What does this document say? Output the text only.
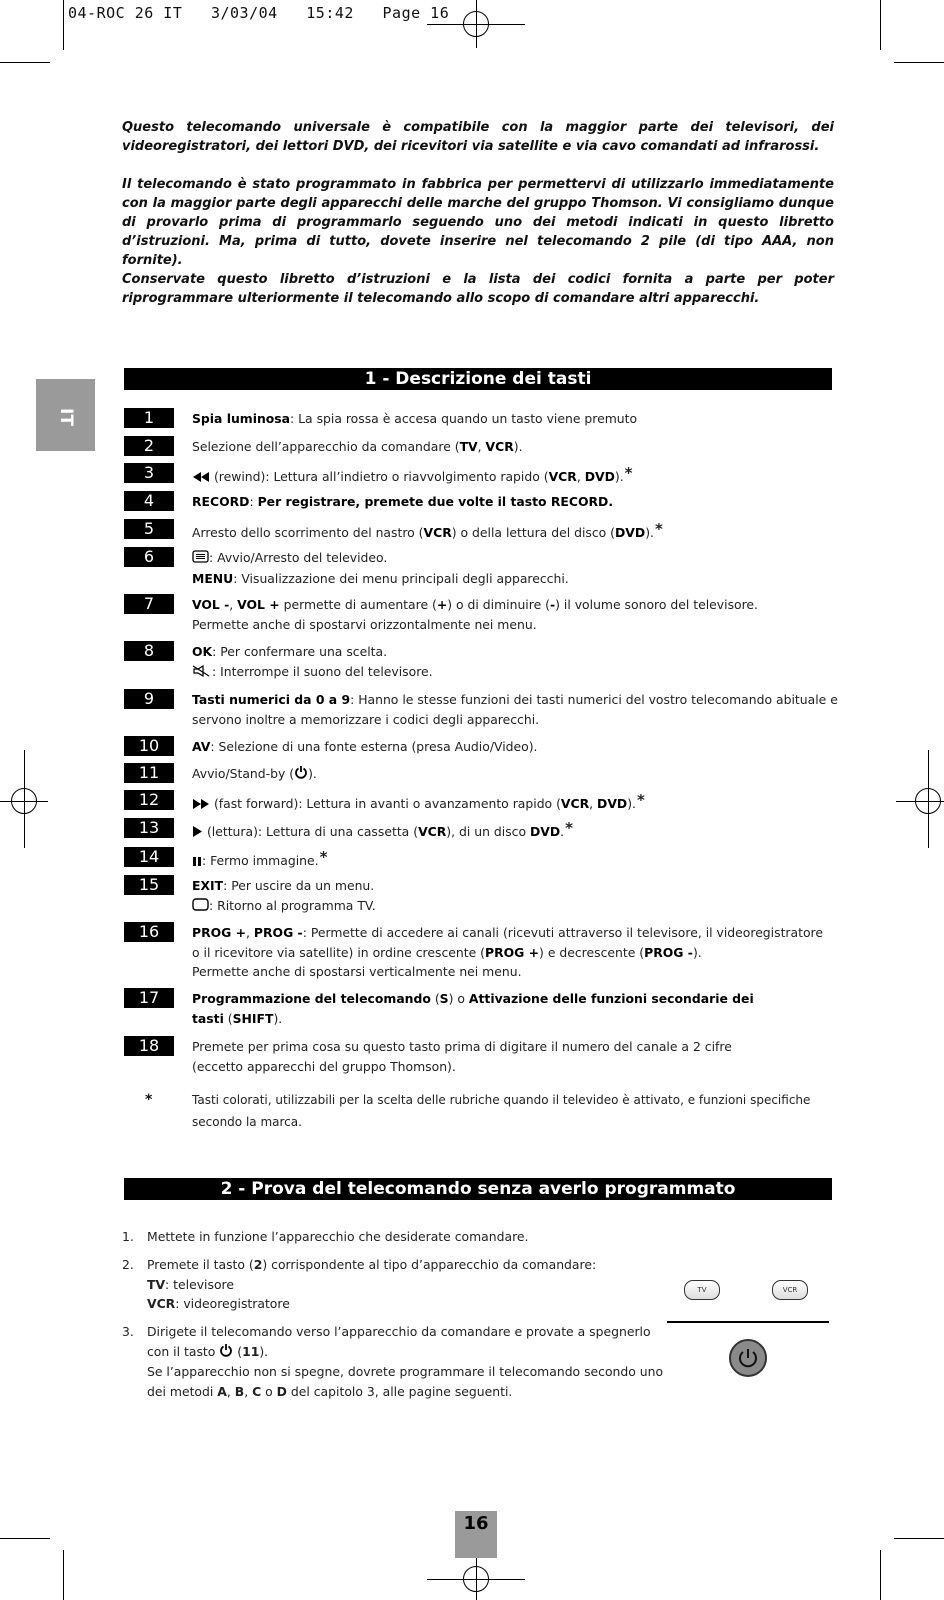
04-ROC 26 IT   3/03/04   15:42   Page 16
IT
Questo telecomando universale è compatibile con la maggior parte dei televisori, dei videoregistratori, dei lettori DVD, dei ricevitori via satellite e via cavo comandati ad infrarossi.
Il telecomando è stato programmato in fabbrica per permettervi di utilizzarlo immediatamente con la maggior parte degli apparecchi delle marche del gruppo Thomson. Vi consigliamo dunque di provarlo prima di programmarlo seguendo uno dei metodi indicati in questo libretto d’istruzioni. Ma, prima di tutto, dovete inserire nel telecomando 2 pile (di tipo AAA, non fornite).
Conservate questo libretto d’istruzioni e la lista dei codici fornita a parte per poter riprogrammare ulteriormente il telecomando allo scopo di comandare altri apparecchi.
1 - Descrizione dei tasti
1	Spia luminosa: La spia rossa è accesa quando un tasto viene premuto
2	Selezione dell’apparecchio da comandare (TV, VCR).
3	(rewind): Lettura all’indietro o riavvolgimento rapido (VCR, DVD).*
4	RECORD: Per registrare, premete due volte il tasto RECORD.
5	Arresto dello scorrimento del nastro (VCR) o della lettura del disco (DVD).*
6	: Avvio/Arresto del televideo.
MENU: Visualizzazione dei menu principali degli apparecchi.
7	VOL -, VOL + permette di aumentare (+) o di diminuire (-) il volume sonoro del televisore.
Permette anche di spostarvi orizzontalmente nei menu.
8	OK: Per confermare una scelta.
: Interrompe il suono del televisore.
9	Tasti numerici da 0 a 9: Hanno le stesse funzioni dei tasti numerici del vostro telecomando abituale e
servono inoltre a memorizzare i codici degli apparecchi.
10	AV: Selezione di una fonte esterna (presa Audio/Video).
11	Avvio/Stand-by ( ).
12	(fast forward): Lettura in avanti o avanzamento rapido (VCR, DVD).*
13	(lettura): Lettura di una cassetta (VCR), di un disco DVD.*
14	: Fermo immagine.*
15	EXIT: Per uscire da un menu.
: Ritorno al programma TV.
16	PROG +, PROG -: Permette di accedere ai canali (ricevuti attraverso il televisore, il videoregistratore
o il ricevitore via satellite) in ordine crescente (PROG +) e decrescente (PROG -).
Permette anche di spostarsi verticalmente nei menu.
17	Programmazione del telecomando (S) o Attivazione delle funzioni secondarie dei
tasti (SHIFT).
18	Premete per prima cosa su questo tasto prima di digitare il numero del canale a 2 cifre
(eccetto apparecchi del gruppo Thomson).
*	Tasti colorati, utilizzabili per la scelta delle rubriche quando il televideo è attivato, e funzioni specifiche
secondo la marca.
2 - Prova del telecomando senza averlo programmato
1. Mettete in funzione l’apparecchio che desiderate comandare.
2. Premete il tasto (2) corrispondente al tipo d’apparecchio da comandare:
TV: televisore
VCR: videoregistratore
3. Dirigete il telecomando verso l’apparecchio da comandare e provate a spegnerlo
con il tasto  (11).
Se l’apparecchio non si spegne, dovrete programmare il telecomando secondo uno
dei metodi A, B, C o D del capitolo 3, alle pagine seguenti.
TV	VCR
16
